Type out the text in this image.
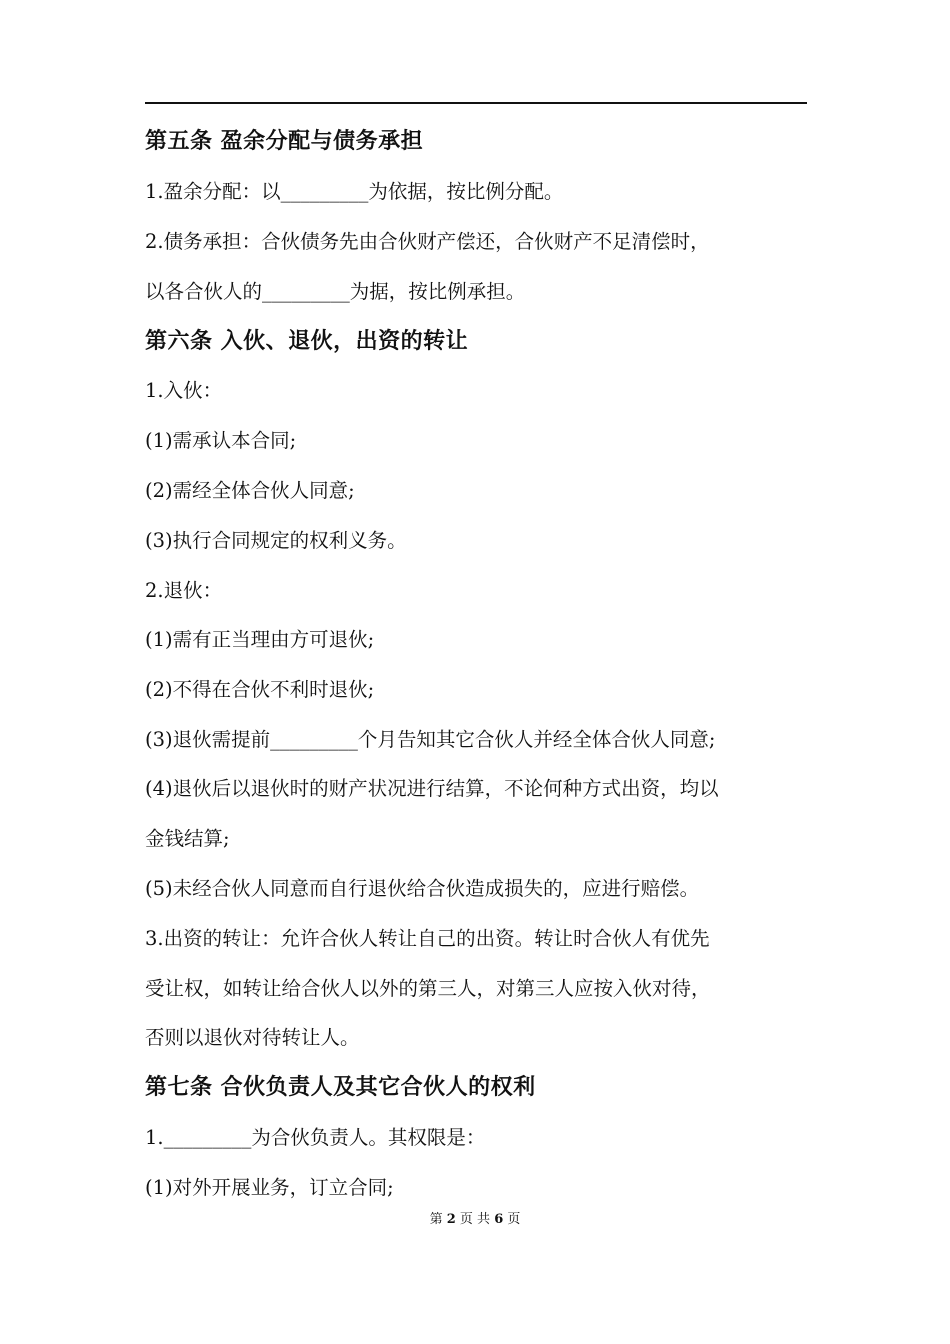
第五条 盈余分配与债务承担
1.盈余分配：以_________为依据，按比例分配。
2.债务承担：合伙债务先由合伙财产偿还，合伙财产不足清偿时，
以各合伙人的_________为据，按比例承担。
第六条 入伙、退伙，出资的转让
1.入伙：
(1)需承认本合同;
(2)需经全体合伙人同意;
(3)执行合同规定的权利义务。
2.退伙：
(1)需有正当理由方可退伙;
(2)不得在合伙不利时退伙;
(3)退伙需提前_________个月告知其它合伙人并经全体合伙人同意;
(4)退伙后以退伙时的财产状况进行结算，不论何种方式出资，均以
金钱结算;
(5)未经合伙人同意而自行退伙给合伙造成损失的，应进行赔偿。
3.出资的转让：允许合伙人转让自己的出资。转让时合伙人有优先
受让权，如转让给合伙人以外的第三人，对第三人应按入伙对待，
否则以退伙对待转让人。
第七条 合伙负责人及其它合伙人的权利
1._________为合伙负责人。其权限是：
(1)对外开展业务，订立合同;
第 2 页 共 6 页
